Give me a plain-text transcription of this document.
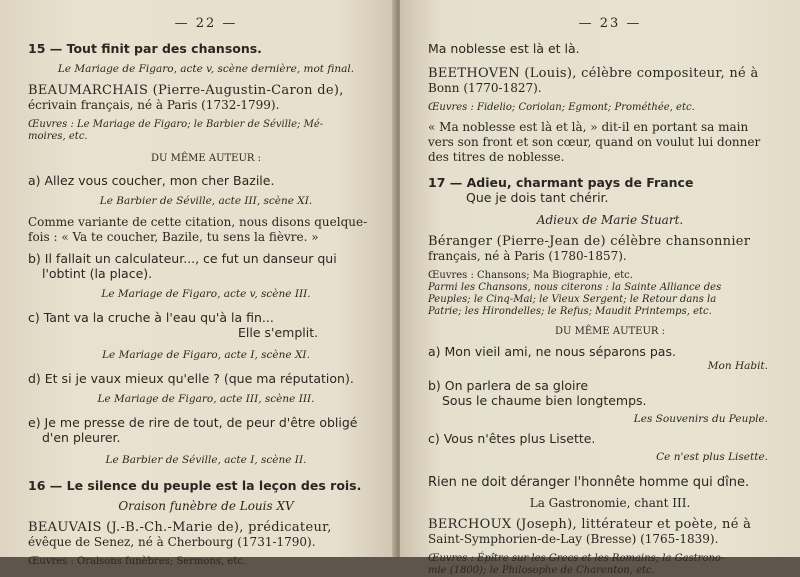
— 22 —
15 — Tout finit par des chansons.
Le Mariage de Figaro, acte v, scène dernière, mot final.
BEAUMARCHAIS (Pierre-Augustin-Caron de),
écrivain français, né à Paris (1732-1799).
Œuvres : Le Mariage de Figaro; le Barbier de Séville; Mé-
moires, etc.
DU MÊME AUTEUR :
a) Allez vous coucher, mon cher Bazile.
Le Barbier de Séville, acte III, scène XI.
Comme variante de cette citation, nous disons quelque-
fois : « Va te coucher, Bazile, tu sens la fièvre. »
b) Il fallait un calculateur..., ce fut un danseur qui
l'obtint (la place).
Le Mariage de Figaro, acte v, scène III.
c) Tant va la cruche à l'eau qu'à la fin...
Elle s'emplit.
Le Mariage de Figaro, acte I, scène XI.
d) Et si je vaux mieux qu'elle ? (que ma réputation).
Le Mariage de Figaro, acte III, scène III.
e) Je me presse de rire de tout, de peur d'être obligé
d'en pleurer.
Le Barbier de Séville, acte I, scène II.
16 — Le silence du peuple est la leçon des rois.
Oraison funèbre de Louis XV
BEAUVAIS (J.-B.-Ch.-Marie de), prédicateur,
évêque de Senez, né à Cherbourg (1731-1790).
Œuvres : Oraisons funèbres; Sermons, etc.
— 23 —
Ma noblesse est là et là.
BEETHOVEN (Louis), célèbre compositeur, né à
Bonn (1770-1827).
Œuvres : Fidelio; Coriolan; Egmont; Prométhée, etc.
« Ma noblesse est là et là, » dit-il en portant sa main
vers son front et son cœur, quand on voulut lui donner
des titres de noblesse.
17 — Adieu, charmant pays de France
Que je dois tant chérir.
Adieux de Marie Stuart.
Béranger (Pierre-Jean de) célèbre chansonnier
français, né à Paris (1780-1857).
Œuvres : Chansons; Ma Biographie, etc.
Parmi les Chansons, nous citerons : la Sainte Alliance des
Peuples; le Cinq-Mai; le Vieux Sergent; le Retour dans la
Patrie; les Hirondelles; le Refus; Maudit Printemps, etc.
DU MÊME AUTEUR :
a) Mon vieil ami, ne nous séparons pas.
Mon Habit.
b) On parlera de sa gloire
Sous le chaume bien longtemps.
Les Souvenirs du Peuple.
c) Vous n'êtes plus Lisette.
Ce n'est plus Lisette.
Rien ne doit déranger l'honnête homme qui dîne.
La Gastronomie, chant III.
BERCHOUX (Joseph), littérateur et poète, né à
Saint-Symphorien-de-Lay (Bresse) (1765-1839).
Œuvres : Épître sur les Grecs et les Romains; la Gastrono-
mie (1800); le Philosophe de Charenton, etc.
